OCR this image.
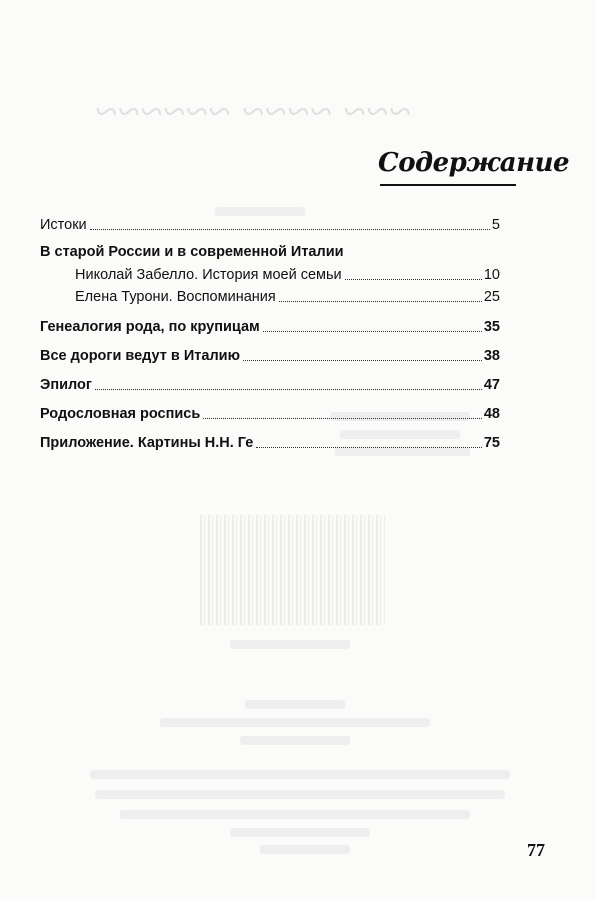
~~~ ~~~~ ~~~~~~
Содержание
Истоки	5
В старой России и в современной Италии
Николай Забелло. История моей семьи	10
Елена Турони. Воспоминания	25
Генеалогия рода, по крупицам	35
Все дороги ведут в Италию	38
Эпилог	47
Родословная роспись	48
Приложение. Картины Н.Н. Ге	75
77
